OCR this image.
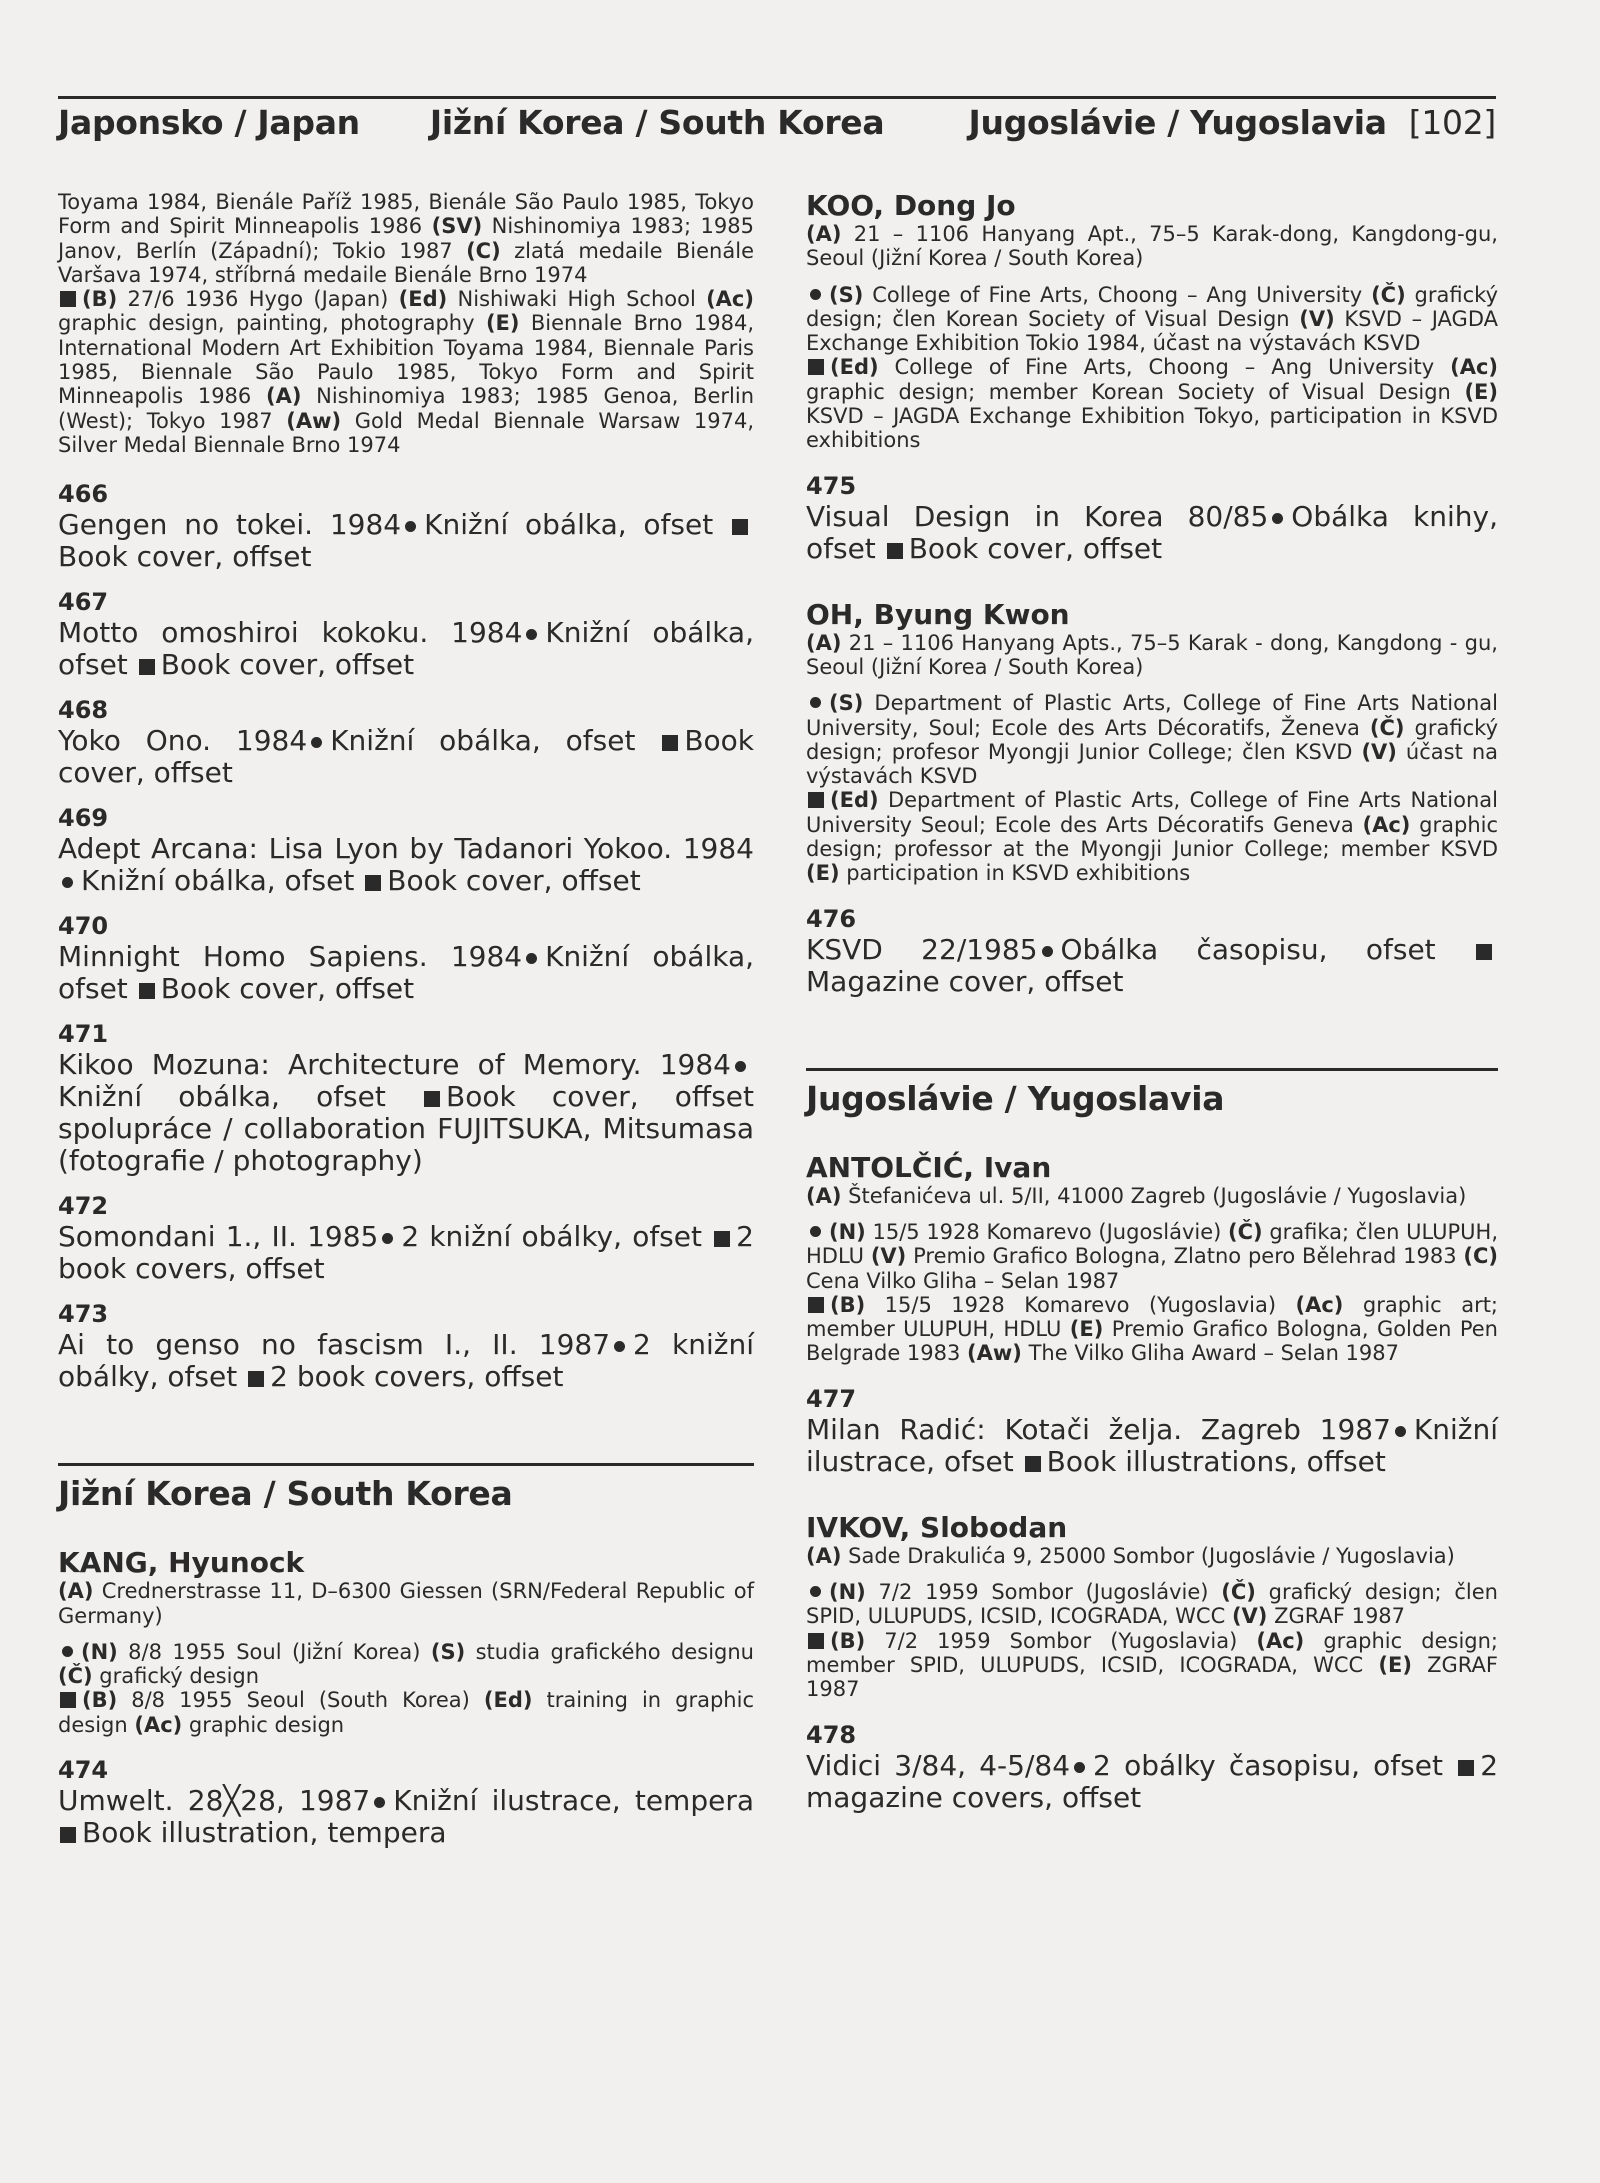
Japonsko / Japan Jižní Korea / South Korea	Jugoslávie / Yugoslavia [102]

Toyama 1984, Bienále Paříž 1985, Bienále São Paulo 1985, Tokyo Form and Spirit Minneapolis 1986 (SV) Nishinomiya 1983; 1985 Janov, Berlín (Západní); Tokio 1987 (C) zlatá medaile Bienále Varšava 1974, stříbrná medaile Bienále Brno 1974

(B) 27/6 1936 Hygo (Japan) (Ed) Nishiwaki High School (Ac) graphic design, painting, photography (E) Biennale Brno 1984, International Modern Art Exhibition Toyama 1984, Biennale Paris 1985, Biennale São Paulo 1985, Tokyo Form and Spirit Minneapolis 1986 (A) Nishinomiya 1983; 1985 Genoa, Berlin (West); Tokyo 1987 (Aw) Gold Medal Biennale Warsaw 1974, Silver Medal Biennale Brno 1974

466

Gengen no tokei. 1984 Knižní obálka, ofset Book cover, offset

467

Motto omoshiroi kokoku. 1984 Knižní obálka, ofset Book cover, offset

468

Yoko Ono. 1984 Knižní obálka, ofset Book cover, offset

469

Adept Arcana: Lisa Lyon by Tadanori Yokoo. 1984Knižní obálka, ofset Book cover, offset

470

Minnight Homo Sapiens. 1984 Knižní obálka, ofset Book cover, offset

471

Kikoo Mozuna: Architecture of Memory. 1984Knižní obálka, ofset Book cover, offset spolupráce / collaboration FUJITSUKA, Mitsumasa (fotografie / photography)

472

Somondani 1., II. 1985 2 knižní obálky, ofset 2 book covers, offset

473

Ai to genso no fascism I., II. 1987 2 knižní obálky, ofset 2 book covers, offset

Jižní Korea / South Korea
KANG, Hyunock

(A) Crednerstrasse 11, D–6300 Giessen (SRN/Federal Republic of Germany)

(N) 8/8 1955 Soul (Jižní Korea) (S) studia grafického designu (Č) grafický design

(B) 8/8 1955 Seoul (South Korea) (Ed) training in graphic design (Ac) graphic design

474

Umwelt. 28╳28, 1987 Knižní ilustrace, tempera Book illustration, tempera

KOO, Dong Jo

(A) 21 – 1106 Hanyang Apt., 75–5 Karak-dong, Kangdong-gu, Seoul (Jižní Korea / South Korea)

(S) College of Fine Arts, Choong – Ang University (Č) grafický design; člen Korean Society of Visual Design (V) KSVD – JAGDA Exchange Exhibition Tokio 1984, účast na výstavách KSVD

(Ed) College of Fine Arts, Choong – Ang University (Ac) graphic design; member Korean Society of Visual Design (E) KSVD – JAGDA Exchange Exhibition Tokyo, participation in KSVD exhibitions

475

Visual Design in Korea 80/85 Obálka knihy, ofset Book cover, offset

OH, Byung Kwon

(A) 21 – 1106 Hanyang Apts., 75–5 Karak - dong, Kangdong - gu, Seoul (Jižní Korea / South Korea)

(S) Department of Plastic Arts, College of Fine Arts National University, Soul; Ecole des Arts Décoratifs, Ženeva (Č) grafický design; profesor Myongji Junior College; člen KSVD (V) účast na výstavách KSVD

(Ed) Department of Plastic Arts, College of Fine Arts National University Seoul; Ecole des Arts Décoratifs Geneva (Ac) graphic design; professor at the Myongji Junior College; member KSVD (E) participation in KSVD exhibitions

476

KSVD 22/1985 Obálka časopisu, ofset Magazine cover, offset

Jugoslávie / Yugoslavia
ANTOLČIĆ, Ivan

(A) Štefanićeva ul. 5/II, 41000 Zagreb (Jugoslávie / Yugoslavia)

(N) 15/5 1928 Komarevo (Jugoslávie) (Č) grafika; člen ULUPUH, HDLU (V) Premio Grafico Bologna, Zlatno pero Bělehrad 1983 (C) Cena Vilko Gliha – Selan 1987

(B) 15/5 1928 Komarevo (Yugoslavia) (Ac) graphic art; member ULUPUH, HDLU (E) Premio Grafico Bologna, Golden Pen Belgrade 1983 (Aw) The Vilko Gliha Award – Selan 1987

477

Milan Radić: Kotači želja. Zagreb 1987 Knižní ilustrace, ofset Book illustrations, offset

IVKOV, Slobodan

(A) Sade Drakulića 9, 25000 Sombor (Jugoslávie / Yugoslavia)

(N) 7/2 1959 Sombor (Jugoslávie) (Č) grafický design; člen SPID, ULUPUDS, ICSID, ICOGRADA, WCC (V) ZGRAF 1987

(B) 7/2 1959 Sombor (Yugoslavia) (Ac) graphic design; member SPID, ULUPUDS, ICSID, ICOGRADA, WCC (E) ZGRAF 1987

478

Vidici 3/84, 4-5/84 2 obálky časopisu, ofset 2 magazine covers, offset
